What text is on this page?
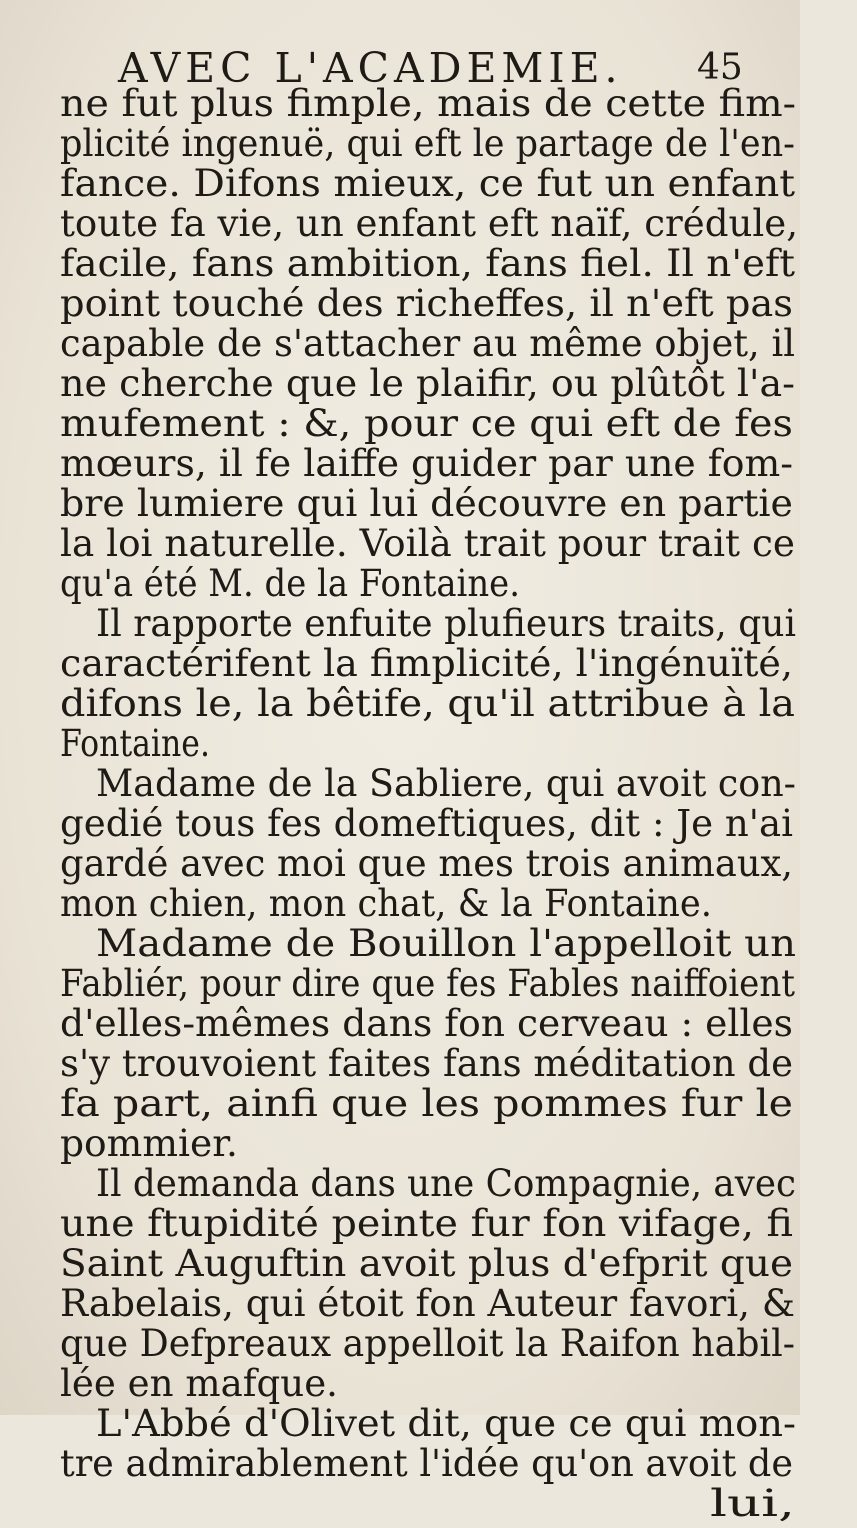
AVEC L'ACADEMIE. 45
ne fut plus fimple, mais de cette fim-
plicité ingenuë, qui eft le partage de l'en-
fance. Difons mieux, ce fut un enfant
toute fa vie, un enfant eft naïf, crédule,
facile, fans ambition, fans fiel. Il n'eft
point touché des richeffes, il n'eft pas
capable de s'attacher au même objet, il
ne cherche que le plaifir, ou plûtôt l'a-
mufement : &, pour ce qui eft de fes
mœurs, il fe laiffe guider par une fom-
bre lumiere qui lui découvre en partie
la loi naturelle. Voilà trait pour trait ce
qu'a été M. de la Fontaine.
Il rapporte enfuite plufieurs traits, qui
caractérifent la fimplicité, l'ingénuïté,
difons le, la bêtife, qu'il attribue à la
Fontaine.
Madame de la Sabliere, qui avoit con-
gedié tous fes domeftiques, dit : Je n'ai
gardé avec moi que mes trois animaux,
mon chien, mon chat, & la Fontaine.
Madame de Bouillon l'appelloit un
Fabliér, pour dire que fes Fables naiffoient
d'elles-mêmes dans fon cerveau : elles
s'y trouvoient faites fans méditation de
fa part, ainfi que les pommes fur le
pommier.
Il demanda dans une Compagnie, avec
une ftupidité peinte fur fon vifage, fi
Saint Auguftin avoit plus d'efprit que
Rabelais, qui étoit fon Auteur favori, &
que Defpreaux appelloit la Raifon habil-
lée en mafque.
L'Abbé d'Olivet dit, que ce qui mon-
tre admirablement l'idée qu'on avoit de
lui,
